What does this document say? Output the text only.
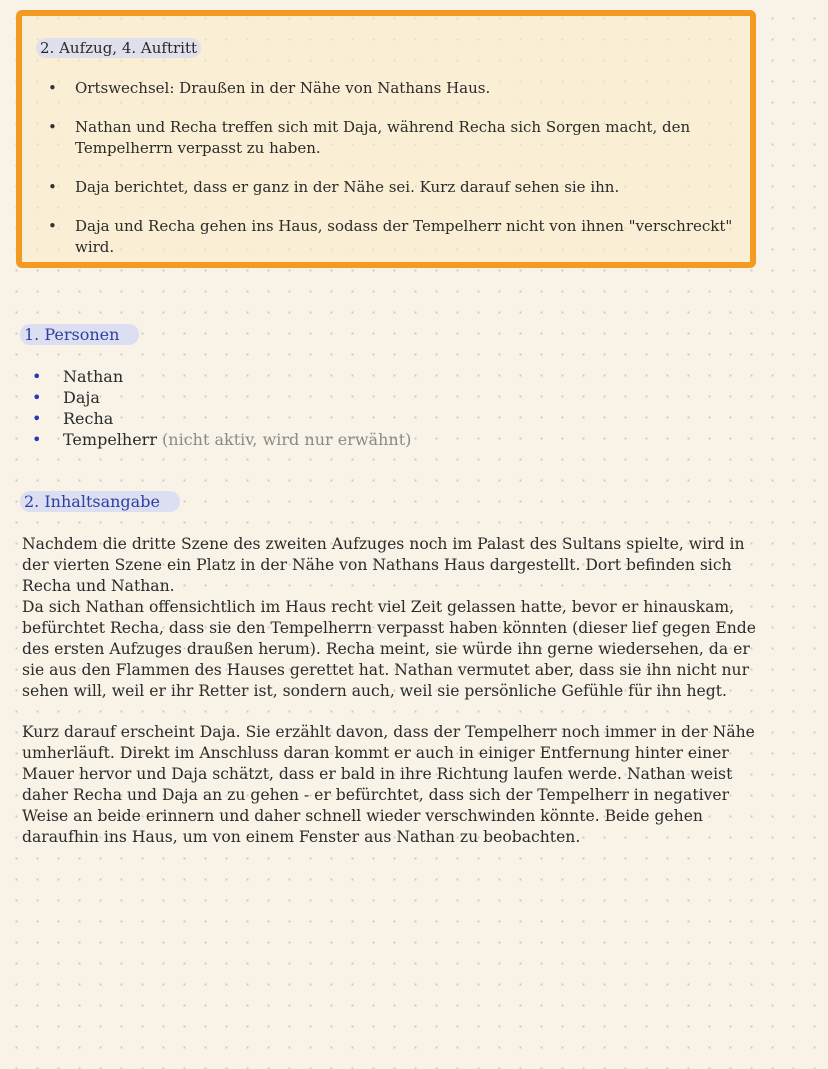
2. Aufzug, 4. Auftritt
• Ortswechsel: Draußen in der Nähe von Nathans Haus.
• Nathan und Recha treffen sich mit Daja, während Recha sich Sorgen macht, den Tempelherrn verpasst zu haben.
• Daja berichtet, dass er ganz in der Nähe sei. Kurz darauf sehen sie ihn.
• Daja und Recha gehen ins Haus, sodass der Tempelherr nicht von ihnen "verschreckt" wird.
1. Personen
• Nathan
• Daja
• Recha
• Tempelherr (nicht aktiv, wird nur erwähnt)
2. Inhaltsangabe

Nachdem die dritte Szene des zweiten Aufzuges noch im Palast des Sultans spielte, wird in der vierten Szene ein Platz in der Nähe von Nathans Haus dargestellt. Dort befinden sich Recha und Nathan.

Da sich Nathan offensichtlich im Haus recht viel Zeit gelassen hatte, bevor er hinauskam, befürchtet Recha, dass sie den Tempelherrn verpasst haben könnten (dieser lief gegen Ende des ersten Aufzuges draußen herum). Recha meint, sie würde ihn gerne wiedersehen, da er sie aus den Flammen des Hauses gerettet hat. Nathan vermutet aber, dass sie ihn nicht nur sehen will, weil er ihr Retter ist, sondern auch, weil sie persönliche Gefühle für ihn hegt.

Kurz darauf erscheint Daja. Sie erzählt davon, dass der Tempelherr noch immer in der Nähe umherläuft. Direkt im Anschluss daran kommt er auch in einiger Entfernung hinter einer Mauer hervor und Daja schätzt, dass er bald in ihre Richtung laufen werde. Nathan weist daher Recha und Daja an zu gehen - er befürchtet, dass sich der Tempelherr in negativer Weise an beide erinnern und daher schnell wieder verschwinden könnte. Beide gehen daraufhin ins Haus, um von einem Fenster aus Nathan zu beobachten.
